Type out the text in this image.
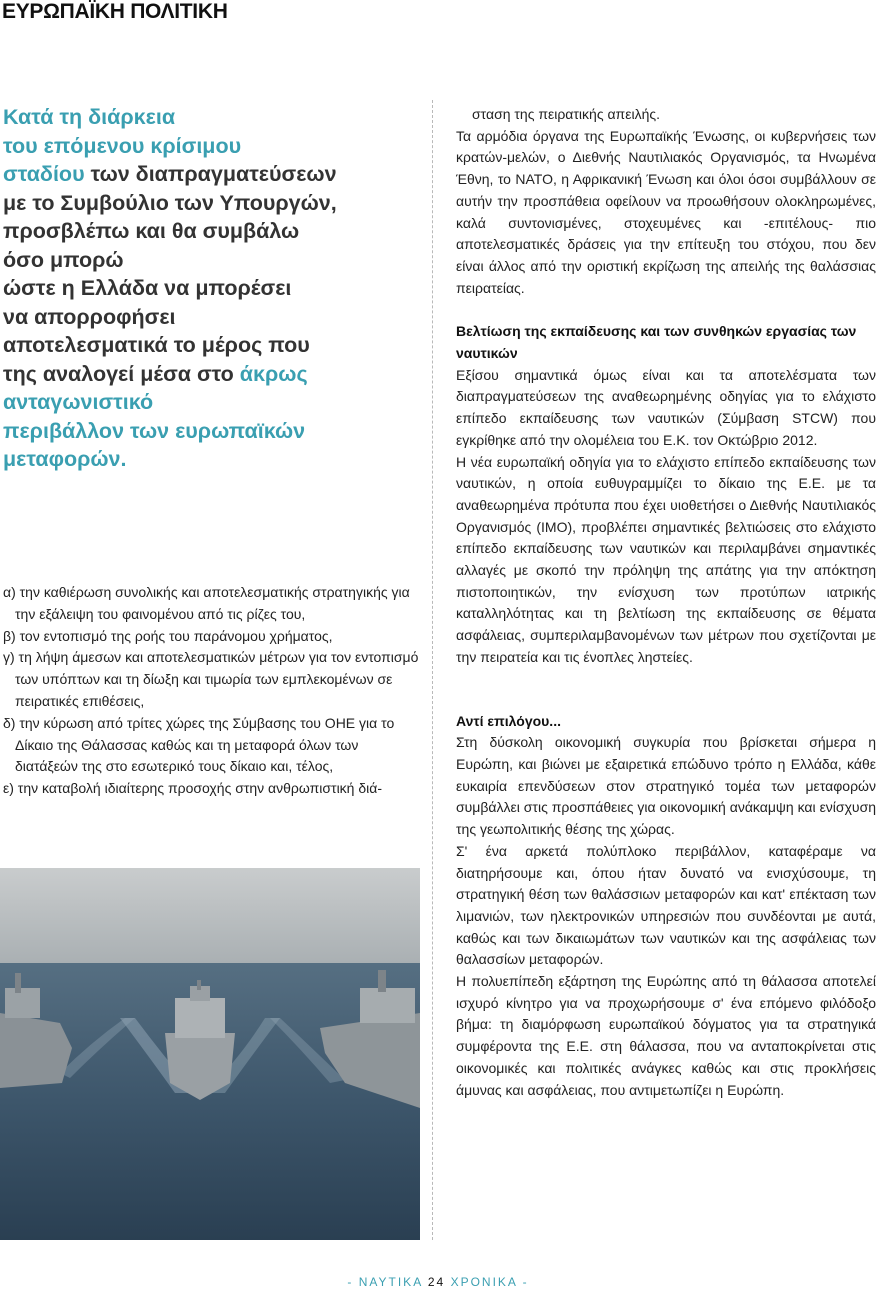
ΕΥΡΩΠΑΪΚΗ ΠΟΛΙΤΙΚΗ
Κατά τη διάρκεια
του επόμενου κρίσιμου
σταδίου των διαπραγματεύσεων
με το Συμβούλιο των Υπουργών,
προσβλέπω και θα συμβάλω
όσο μπορώ
ώστε η Ελλάδα να μπορέσει
να απορροφήσει
αποτελεσματικά το μέρος που
της αναλογεί μέσα στο άκρως
ανταγωνιστικό
περιβάλλον των ευρωπαϊκών
μεταφορών.
α) την καθιέρωση συνολικής και αποτελεσματικής στρατηγικής για την εξάλειψη του φαινομένου από τις ρίζες του,
β) τον εντοπισμό της ροής του παράνομου χρήματος,
γ) τη λήψη άμεσων και αποτελεσματικών μέτρων για τον εντοπισμό των υπόπτων και τη δίωξη και τιμωρία των εμπλεκομένων σε πειρατικές επιθέσεις,
δ) την κύρωση από τρίτες χώρες της Σύμβασης του ΟΗΕ για το Δίκαιο της Θάλασσας καθώς και τη μεταφορά όλων των διατάξεών της στο εσωτερικό τους δίκαιο και, τέλος,
ε) την καταβολή ιδιαίτερης προσοχής στην ανθρωπιστική διά-

σταση της πειρατικής απειλής.

Τα αρμόδια όργανα της Ευρωπαϊκής Ένωσης, οι κυβερνήσεις των κρατών-μελών, ο Διεθνής Ναυτιλιακός Οργανισμός, τα Ηνωμένα Έθνη, το ΝΑΤΟ, η Αφρικανική Ένωση και όλοι όσοι συμβάλλουν σε αυτήν την προσπάθεια οφείλουν να προωθήσουν ολοκληρωμένες, καλά συντονισμένες, στοχευμένες και -επιτέλους- πιο αποτελεσματικές δράσεις για την επίτευξη του στόχου, που δεν είναι άλλος από την οριστική εκρίζωση της απειλής της θαλάσσιας πειρατείας.

Βελτίωση της εκπαίδευσης και των συνθηκών εργασίας των ναυτικών

Εξίσου σημαντικά όμως είναι και τα αποτελέσματα των διαπραγματεύσεων της αναθεωρημένης οδηγίας για το ελάχιστο επίπεδο εκπαίδευσης των ναυτικών (Σύμβαση STCW) που εγκρίθηκε από την ολομέλεια του Ε.Κ. τον Οκτώβριο 2012.

Η νέα ευρωπαϊκή οδηγία για το ελάχιστο επίπεδο εκπαίδευσης των ναυτικών, η οποία ευθυγραμμίζει το δίκαιο της Ε.Ε. με τα αναθεωρημένα πρότυπα που έχει υιοθετήσει ο Διεθνής Ναυτιλιακός Οργανισμός (ΙΜΟ), προβλέπει σημαντικές βελτιώσεις στο ελάχιστο επίπεδο εκπαίδευσης των ναυτικών και περιλαμβάνει σημαντικές αλλαγές με σκοπό την πρόληψη της απάτης για την απόκτηση πιστοποιητικών, την ενίσχυση των προτύπων ιατρικής καταλληλότητας και τη βελτίωση της εκπαίδευσης σε θέματα ασφάλειας, συμπεριλαμβανομένων των μέτρων που σχετίζονται με την πειρατεία και τις ένοπλες ληστείες.

Αντί επιλόγου...

Στη δύσκολη οικονομική συγκυρία που βρίσκεται σήμερα η Ευρώπη, και βιώνει με εξαιρετικά επώδυνο τρόπο η Ελλάδα, κάθε ευκαιρία επενδύσεων στον στρατηγικό τομέα των μεταφορών συμβάλλει στις προσπάθειες για οικονομική ανάκαμψη και ενίσχυση της γεωπολιτικής θέσης της χώρας.

Σ' ένα αρκετά πολύπλοκο περιβάλλον, καταφέραμε να διατηρήσουμε και, όπου ήταν δυνατό να ενισχύσουμε, τη στρατηγική θέση των θαλάσσιων μεταφορών και κατ' επέκταση των λιμανιών, των ηλεκτρονικών υπηρεσιών που συνδέονται με αυτά, καθώς και των δικαιωμάτων των ναυτικών και της ασφάλειας των θαλασσίων μεταφορών.

Η πολυεπίπεδη εξάρτηση της Ευρώπης από τη θάλασσα αποτελεί ισχυρό κίνητρο για να προχωρήσουμε σ' ένα επόμενο φιλόδοξο βήμα: τη διαμόρφωση ευρωπαϊκού δόγματος για τα στρατηγικά συμφέροντα της Ε.Ε. στη θάλασσα, που να ανταποκρίνεται στις οικονομικές και πολιτικές ανάγκες καθώς και στις προκλήσεις άμυνας και ασφάλειας, που αντιμετωπίζει η Ευρώπη.

- ΝΑΥΤΙΚΑ 24 ΧΡΟΝΙΚΑ -
